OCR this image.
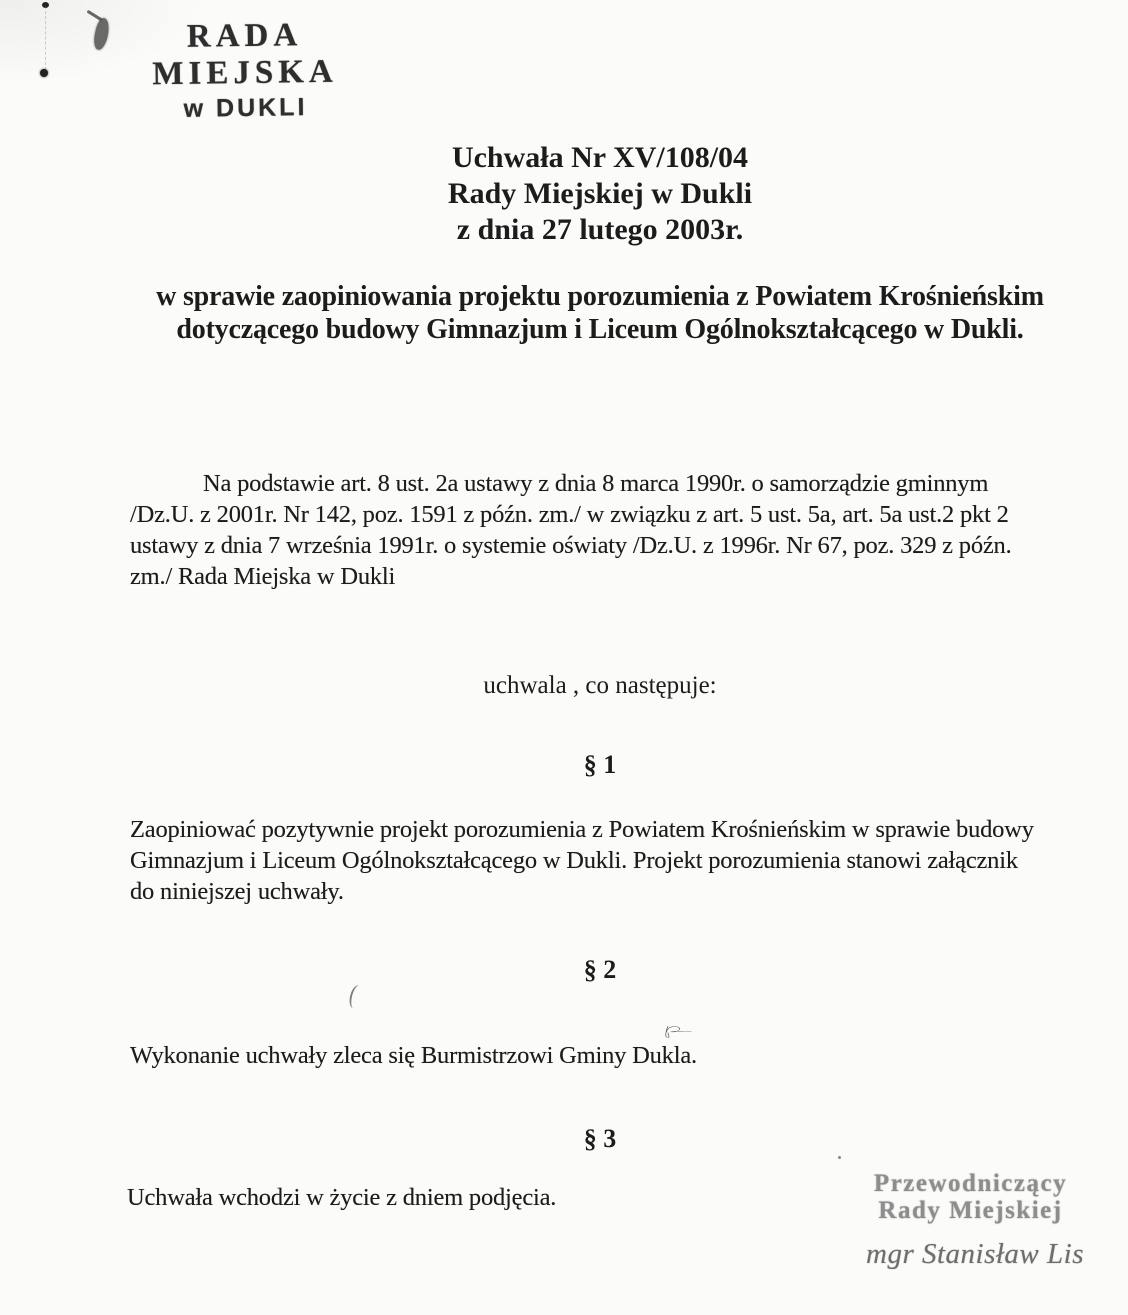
RADA MIEJSKA
w DUKLI
Uchwała Nr XV/108/04
Rady Miejskiej w Dukli
z dnia 27 lutego 2003r.
w sprawie zaopiniowania projektu porozumienia z Powiatem Krośnieńskim
dotyczącego budowy Gimnazjum i Liceum Ogólnokształcącego w Dukli.
Na podstawie art. 8 ust. 2a ustawy z dnia 8 marca 1990r. o samorządzie gminnym
/Dz.U. z 2001r. Nr 142, poz. 1591 z późn. zm./ w związku z art. 5 ust. 5a, art. 5a ust.2 pkt 2
ustawy z dnia 7 września 1991r. o systemie oświaty /Dz.U. z 1996r. Nr 67, poz. 329 z późn.
zm./ Rada Miejska w Dukli
uchwala , co następuje:
§ 1
Zaopiniować pozytywnie projekt porozumienia z Powiatem Krośnieńskim w sprawie budowy
Gimnazjum i Liceum Ogólnokształcącego w Dukli. Projekt porozumienia stanowi załącznik
do niniejszej uchwały.
§ 2
Wykonanie uchwały zleca się Burmistrzowi Gminy Dukla.
§ 3
Uchwała wchodzi w życie z dniem podjęcia.
Przewodniczący
Rady Miejskiej
mgr Stanisław Lis
